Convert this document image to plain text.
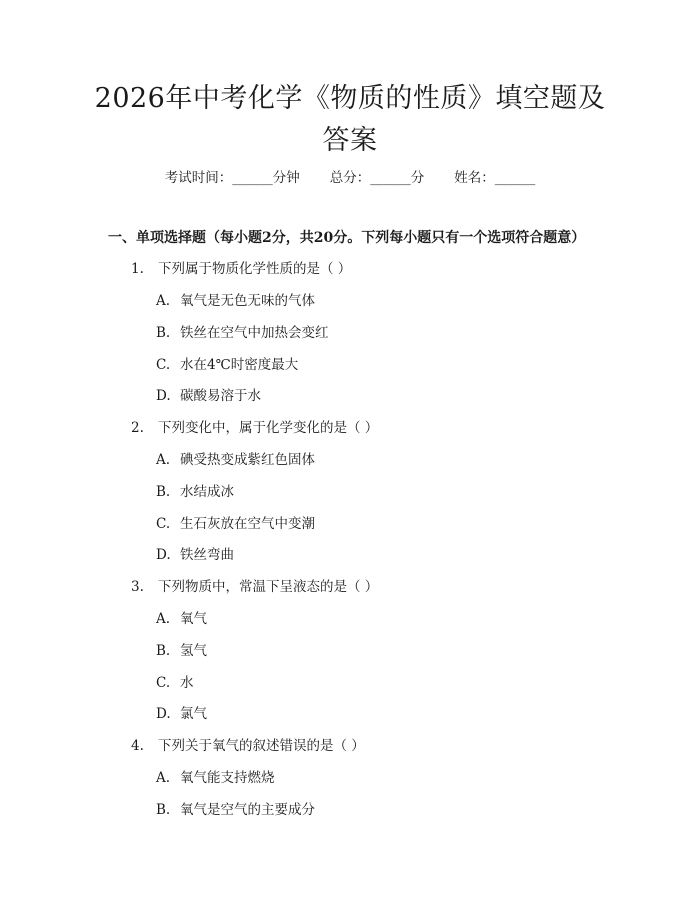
2026年中考化学《物质的性质》填空题及答案
考试时间：______分钟 总分：______分 姓名：______
一、单项选择题（每小题2分，共20分。下列每小题只有一个选项符合题意）
1. 下列属于物质化学性质的是（ ）
A. 氧气是无色无味的气体
B. 铁丝在空气中加热会变红
C. 水在4℃时密度最大
D. 碳酸易溶于水
2. 下列变化中，属于化学变化的是（ ）
A. 碘受热变成紫红色固体
B. 水结成冰
C. 生石灰放在空气中变潮
D. 铁丝弯曲
3. 下列物质中，常温下呈液态的是（ ）
A. 氧气
B. 氢气
C. 水
D. 氯气
4. 下列关于氧气的叙述错误的是（ ）
A. 氧气能支持燃烧
B. 氧气是空气的主要成分
